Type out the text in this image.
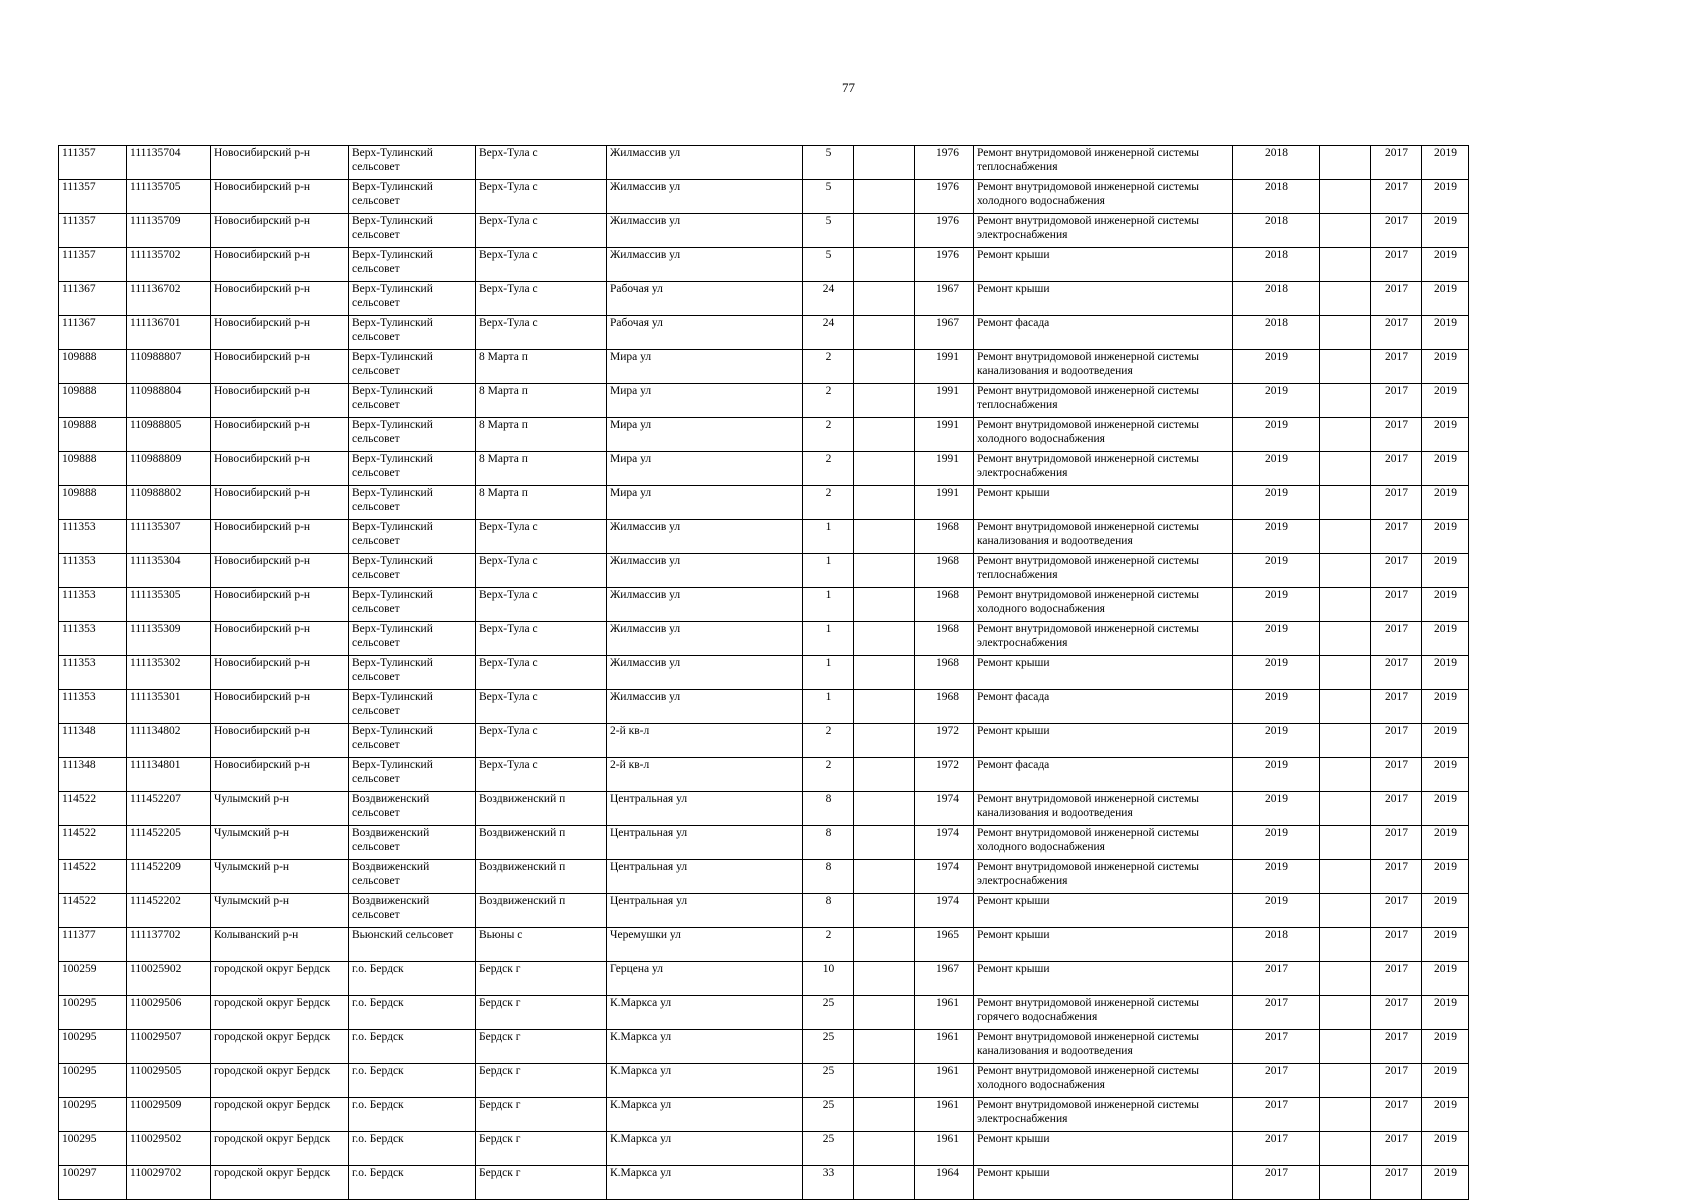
77
111357	111135704	Новосибирский р-н	Верх-Тулинский сельсовет	Верх-Тула с	Жилмассив ул	5		1976	Ремонт внутридомовой инженерной системы теплоснабжения	2018		2017	2019
111357	111135705	Новосибирский р-н	Верх-Тулинский сельсовет	Верх-Тула с	Жилмассив ул	5		1976	Ремонт внутридомовой инженерной системы холодного водоснабжения	2018		2017	2019
111357	111135709	Новосибирский р-н	Верх-Тулинский сельсовет	Верх-Тула с	Жилмассив ул	5		1976	Ремонт внутридомовой инженерной системы электроснабжения	2018		2017	2019
111357	111135702	Новосибирский р-н	Верх-Тулинский сельсовет	Верх-Тула с	Жилмассив ул	5		1976	Ремонт крыши	2018		2017	2019
111367	111136702	Новосибирский р-н	Верх-Тулинский сельсовет	Верх-Тула с	Рабочая ул	24		1967	Ремонт крыши	2018		2017	2019
111367	111136701	Новосибирский р-н	Верх-Тулинский сельсовет	Верх-Тула с	Рабочая ул	24		1967	Ремонт фасада	2018		2017	2019
109888	110988807	Новосибирский р-н	Верх-Тулинский сельсовет	8 Марта п	Мира ул	2		1991	Ремонт внутридомовой инженерной системы канализования и водоотведения	2019		2017	2019
109888	110988804	Новосибирский р-н	Верх-Тулинский сельсовет	8 Марта п	Мира ул	2		1991	Ремонт внутридомовой инженерной системы теплоснабжения	2019		2017	2019
109888	110988805	Новосибирский р-н	Верх-Тулинский сельсовет	8 Марта п	Мира ул	2		1991	Ремонт внутридомовой инженерной системы холодного водоснабжения	2019		2017	2019
109888	110988809	Новосибирский р-н	Верх-Тулинский сельсовет	8 Марта п	Мира ул	2		1991	Ремонт внутридомовой инженерной системы электроснабжения	2019		2017	2019
109888	110988802	Новосибирский р-н	Верх-Тулинский сельсовет	8 Марта п	Мира ул	2		1991	Ремонт крыши	2019		2017	2019
111353	111135307	Новосибирский р-н	Верх-Тулинский сельсовет	Верх-Тула с	Жилмассив ул	1		1968	Ремонт внутридомовой инженерной системы канализования и водоотведения	2019		2017	2019
111353	111135304	Новосибирский р-н	Верх-Тулинский сельсовет	Верх-Тула с	Жилмассив ул	1		1968	Ремонт внутридомовой инженерной системы теплоснабжения	2019		2017	2019
111353	111135305	Новосибирский р-н	Верх-Тулинский сельсовет	Верх-Тула с	Жилмассив ул	1		1968	Ремонт внутридомовой инженерной системы холодного водоснабжения	2019		2017	2019
111353	111135309	Новосибирский р-н	Верх-Тулинский сельсовет	Верх-Тула с	Жилмассив ул	1		1968	Ремонт внутридомовой инженерной системы электроснабжения	2019		2017	2019
111353	111135302	Новосибирский р-н	Верх-Тулинский сельсовет	Верх-Тула с	Жилмассив ул	1		1968	Ремонт крыши	2019		2017	2019
111353	111135301	Новосибирский р-н	Верх-Тулинский сельсовет	Верх-Тула с	Жилмассив ул	1		1968	Ремонт фасада	2019		2017	2019
111348	111134802	Новосибирский р-н	Верх-Тулинский сельсовет	Верх-Тула с	2-й кв-л	2		1972	Ремонт крыши	2019		2017	2019
111348	111134801	Новосибирский р-н	Верх-Тулинский сельсовет	Верх-Тула с	2-й кв-л	2		1972	Ремонт фасада	2019		2017	2019
114522	111452207	Чулымский р-н	Воздвиженский сельсовет	Воздвиженский п	Центральная ул	8		1974	Ремонт внутридомовой инженерной системы канализования и водоотведения	2019		2017	2019
114522	111452205	Чулымский р-н	Воздвиженский сельсовет	Воздвиженский п	Центральная ул	8		1974	Ремонт внутридомовой инженерной системы холодного водоснабжения	2019		2017	2019
114522	111452209	Чулымский р-н	Воздвиженский сельсовет	Воздвиженский п	Центральная ул	8		1974	Ремонт внутридомовой инженерной системы электроснабжения	2019		2017	2019
114522	111452202	Чулымский р-н	Воздвиженский сельсовет	Воздвиженский п	Центральная ул	8		1974	Ремонт крыши	2019		2017	2019
111377	111137702	Колыванский р-н	Вьюнский сельсовет	Вьюны с	Черемушки ул	2		1965	Ремонт крыши	2018		2017	2019
100259	110025902	городской округ Бердск	г.о. Бердск	Бердск г	Герцена ул	10		1967	Ремонт крыши	2017		2017	2019
100295	110029506	городской округ Бердск	г.о. Бердск	Бердск г	К.Маркса ул	25		1961	Ремонт внутридомовой инженерной системы горячего водоснабжения	2017		2017	2019
100295	110029507	городской округ Бердск	г.о. Бердск	Бердск г	К.Маркса ул	25		1961	Ремонт внутридомовой инженерной системы канализования и водоотведения	2017		2017	2019
100295	110029505	городской округ Бердск	г.о. Бердск	Бердск г	К.Маркса ул	25		1961	Ремонт внутридомовой инженерной системы холодного водоснабжения	2017		2017	2019
100295	110029509	городской округ Бердск	г.о. Бердск	Бердск г	К.Маркса ул	25		1961	Ремонт внутридомовой инженерной системы электроснабжения	2017		2017	2019
100295	110029502	городской округ Бердск	г.о. Бердск	Бердск г	К.Маркса ул	25		1961	Ремонт крыши	2017		2017	2019
100297	110029702	городской округ Бердск	г.о. Бердск	Бердск г	К.Маркса ул	33		1964	Ремонт крыши	2017		2017	2019
